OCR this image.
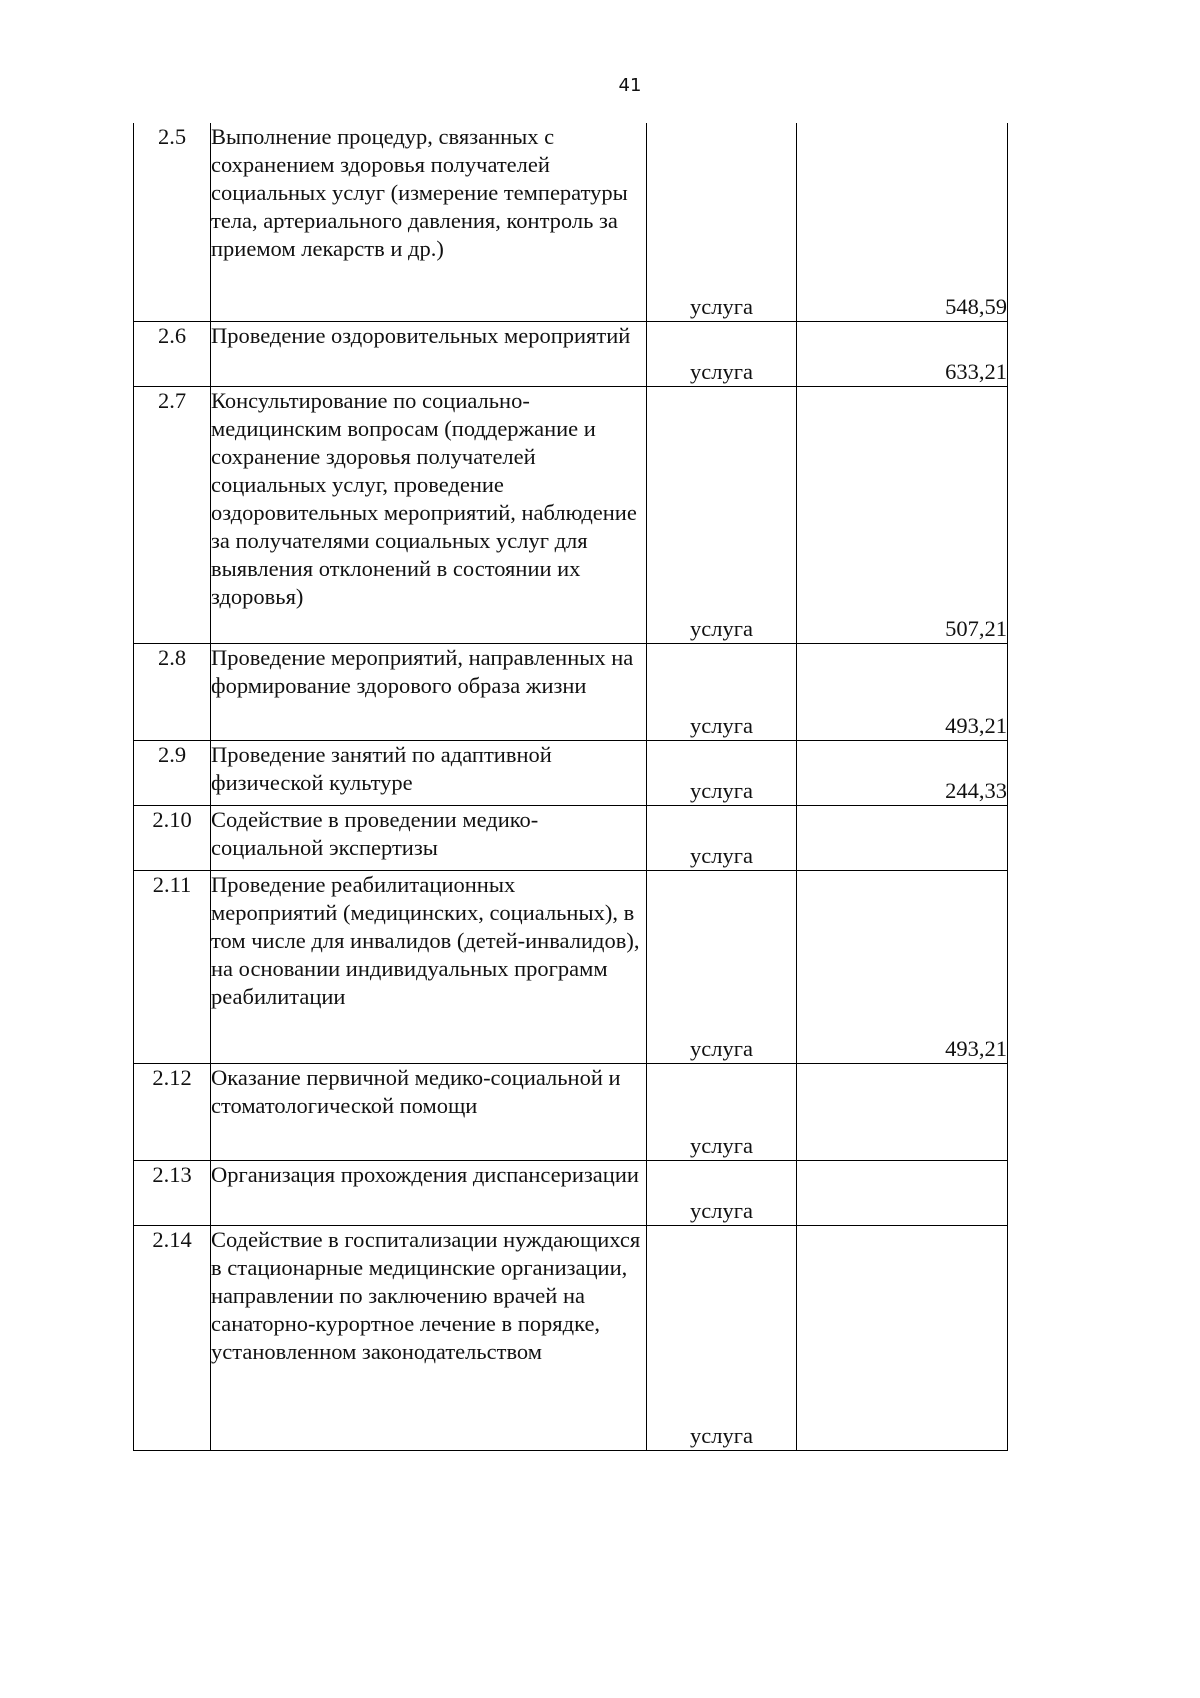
41
2.5	Выполнение процедур, связанных с сохранением здоровья получателей социальных услуг (измерение температуры тела, артериального давления, контроль за приемом лекарств и др.)	услуга	548,59
2.6	Проведение оздоровительных мероприятий	услуга	633,21
2.7	Консультирование по социально-медицинским вопросам (поддержание и сохранение здоровья получателей социальных услуг, проведение оздоровительных мероприятий, наблюдение за получателями социальных услуг для выявления отклонений в состоянии их здоровья)	услуга	507,21
2.8	Проведение мероприятий, направленных на формирование здорового образа жизни	услуга	493,21
2.9	Проведение занятий по адаптивной физической культуре	услуга	244,33
2.10	Содействие в проведении медико-социальной экспертизы	услуга	
2.11	Проведение реабилитационных мероприятий (медицинских, социальных), в том числе для инвалидов (детей-инвалидов), на основании индивидуальных программ реабилитации	услуга	493,21
2.12	Оказание первичной медико-социальной и стоматологической помощи	услуга	
2.13	Организация прохождения диспансеризации	услуга	
2.14	Содействие в госпитализации нуждающихся в стационарные медицинские организации, направлении по заключению врачей на санаторно-курортное лечение в порядке, установленном законодательством	услуга	
